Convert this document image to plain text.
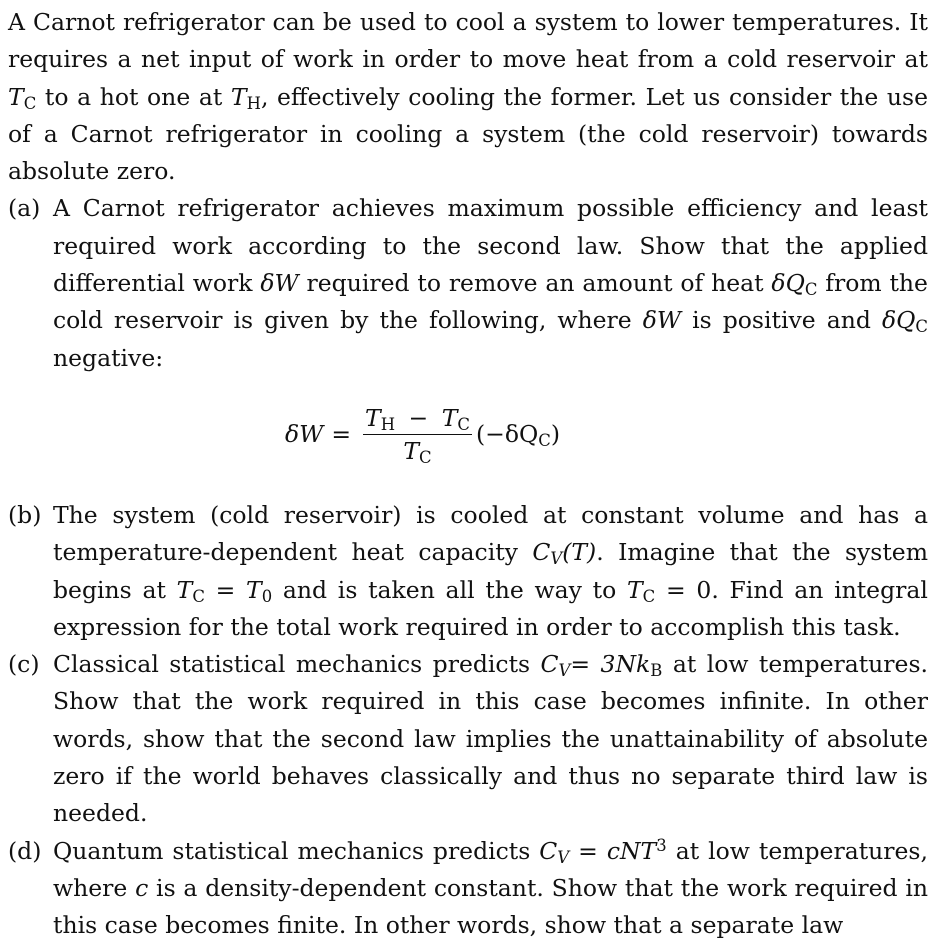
A Carnot refrigerator can be used to cool a system to lower temperatures. It requires a net input of work in order to move heat from a cold reservoir at $T_C$ to a hot one at $T_H$, effectively cooling the former. Let us consider the use of a Carnot refrigerator in cooling a system (the cold reservoir) towards absolute zero.

(a) A Carnot refrigerator achieves maximum possible efficiency and least required work according to the second law. Show that the applied differential work δW required to remove an amount of heat $\delta Q_C$ from the cold reservoir is given by the following, where δW is positive and $\delta Q_C$ negative:
$\delta W = \frac{T_H - T_C}{T_C} (-\delta Q_C)$
(b) The system (cold reservoir) is cooled at constant volume and has a temperature-dependent heat capacity $C_V(T)$. Imagine that the system begins at $T_C = T_0$ and is taken all the way to $T_C = 0$. Find an integral expression for the total work required in order to accomplish this task.
(c) Classical statistical mechanics predicts $C_V= 3Nk_B$ at low temperatures. Show that the work required in this case becomes infinite. In other words, show that the second law implies the unattainability of absolute zero if the world behaves classically and thus no separate third law is needed.
(d) Quantum statistical mechanics predicts $C_V = cNT^3$ at low temperatures, where c is a density-dependent constant. Show that the work required in this case becomes finite. In other words, show that a separate law
